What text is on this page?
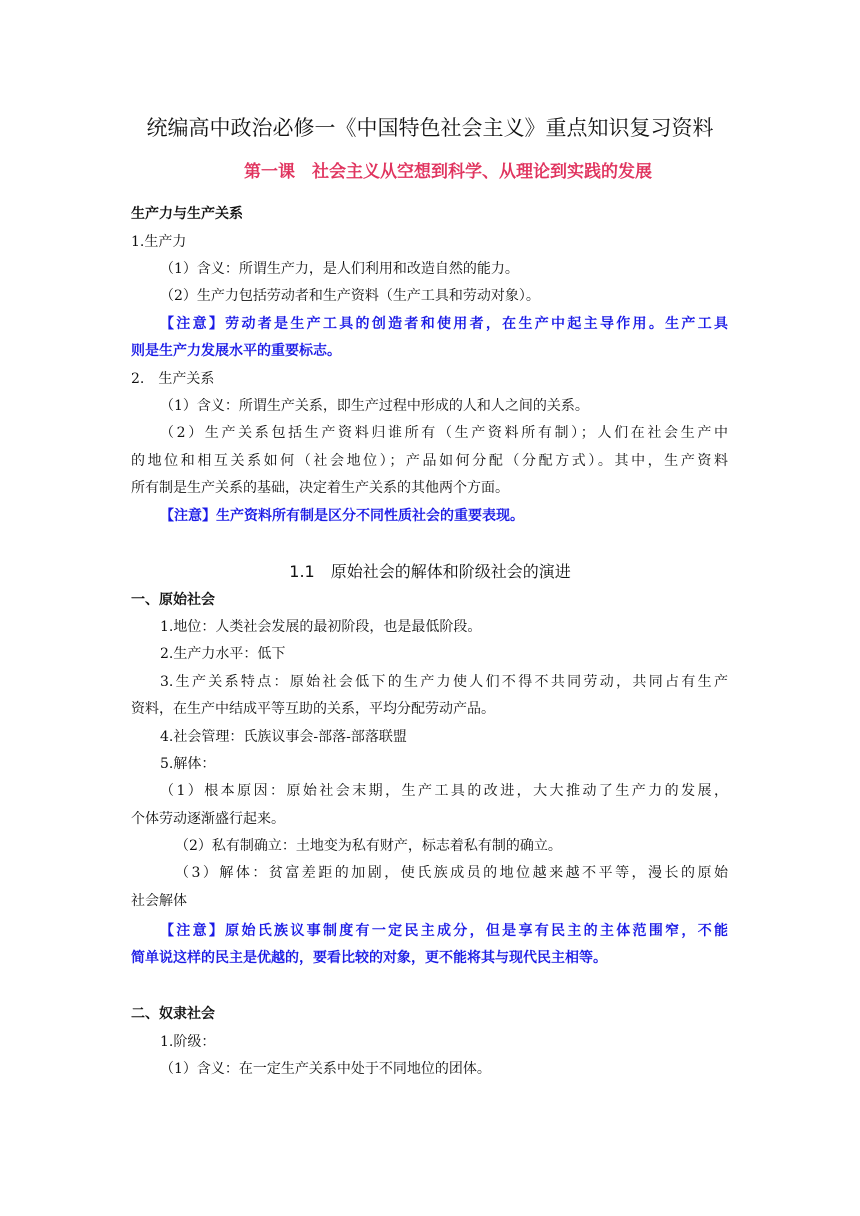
统编高中政治必修一《中国特色社会主义》重点知识复习资料
第一课　社会主义从空想到科学、从理论到实践的发展
生产力与生产关系
1.生产力
（1）含义：所谓生产力，是人们利用和改造自然的能力。
（2）生产力包括劳动者和生产资料（生产工具和劳动对象）。
【注意】劳动者是生产工具的创造者和使用者，在生产中起主导作用。生产工具
则是生产力发展水平的重要标志。
2.　生产关系
（1）含义：所谓生产关系，即生产过程中形成的人和人之间的关系。
（2）生产关系包括生产资料归谁所有（生产资料所有制）；人们在社会生产中
的地位和相互关系如何（社会地位）；产品如何分配（分配方式）。其中，生产资料
所有制是生产关系的基础，决定着生产关系的其他两个方面。
【注意】生产资料所有制是区分不同性质社会的重要表现。
1.1　原始社会的解体和阶级社会的演进
一、原始社会
1.地位：人类社会发展的最初阶段，也是最低阶段。
2.生产力水平：低下
3.生产关系特点：原始社会低下的生产力使人们不得不共同劳动，共同占有生产
资料，在生产中结成平等互助的关系，平均分配劳动产品。
4.社会管理：氏族议事会-部落-部落联盟
5.解体：
（1）根本原因：原始社会末期，生产工具的改进，大大推动了生产力的发展，
个体劳动逐渐盛行起来。
（2）私有制确立：土地变为私有财产，标志着私有制的确立。
（3）解体：贫富差距的加剧，使氏族成员的地位越来越不平等，漫长的原始
社会解体
【注意】原始氏族议事制度有一定民主成分，但是享有民主的主体范围窄，不能
简单说这样的民主是优越的，要看比较的对象，更不能将其与现代民主相等。
二、奴隶社会
1.阶级：
（1）含义：在一定生产关系中处于不同地位的团体。
